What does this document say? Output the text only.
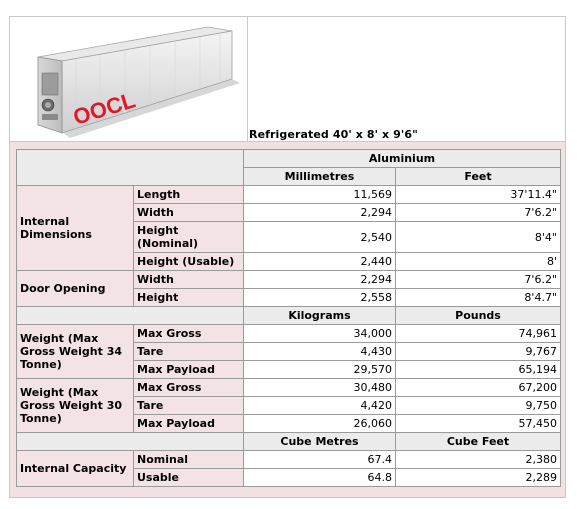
OOCL
Refrigerated 40' x 8' x 9'6"
		Aluminium	
		Millimetres	Feet
Internal Dimensions	Length	11,569	37'11.4"
	Width	2,294	7'6.2"
	Height (Nominal)	2,540	8'4"
	Height (Usable)	2,440	8'
Door Opening	Width	2,294	7'6.2"
	Height	2,558	8'4.7"
		Kilograms	Pounds
Weight (Max Gross Weight 34 Tonne)	Max Gross	34,000	74,961
	Tare	4,430	9,767
	Max Payload	29,570	65,194
Weight (Max Gross Weight 30 Tonne)	Max Gross	30,480	67,200
	Tare	4,420	9,750
	Max Payload	26,060	57,450
		Cube Metres	Cube Feet
Internal Capacity	Nominal	67.4	2,380
	Usable	64.8	2,289
